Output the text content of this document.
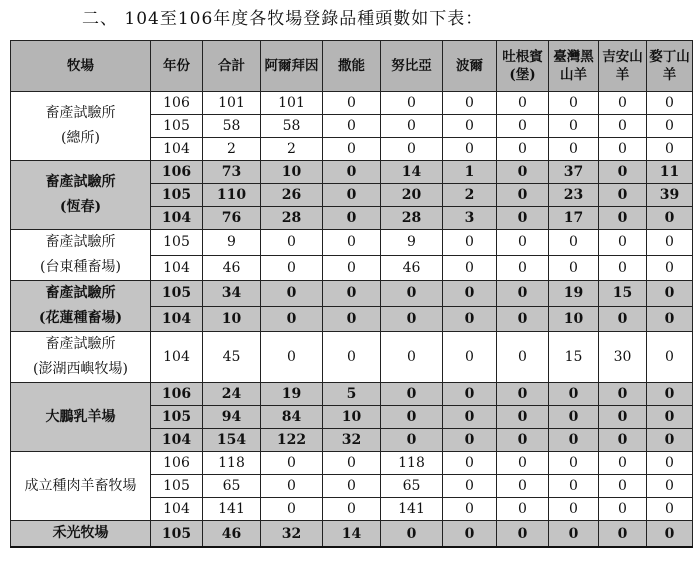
二、 104至106年度各牧場登錄品種頭數如下表：
牧場	年份	合計	阿爾拜因	撒能	努比亞	波爾	吐根賓(堡)	臺灣黑山羊	吉安山羊	婺丁山羊

畜產試驗所
(總所)	106	101	101	0	0	0	0	0	0	0
	105	58	58	0	0	0	0	0	0	0
	104	2	2	0	0	0	0	0	0	0

畜產試驗所
(恆春)	106	73	10	0	14	1	0	37	0	11
	105	110	26	0	20	2	0	23	0	39
	104	76	28	0	28	3	0	17	0	0

畜產試驗所
(台東種畜場)	105	9	0	0	9	0	0	0	0	0
	104	46	0	0	46	0	0	0	0	0

畜產試驗所
(花蓮種畜場)	105	34	0	0	0	0	0	19	15	0
	104	10	0	0	0	0	0	10	0	0

畜產試驗所
(澎湖西嶼牧場)	104	45	0	0	0	0	0	15	30	0

大鵬乳羊場	106	24	19	5	0	0	0	0	0	0
	105	94	84	10	0	0	0	0	0	0
	104	154	122	32	0	0	0	0	0	0

成立種肉羊畜牧場	106	118	0	0	118	0	0	0	0	0
	105	65	0	0	65	0	0	0	0	0
	104	141	0	0	141	0	0	0	0	0

禾光牧場	105	46	32	14	0	0	0	0	0	0
